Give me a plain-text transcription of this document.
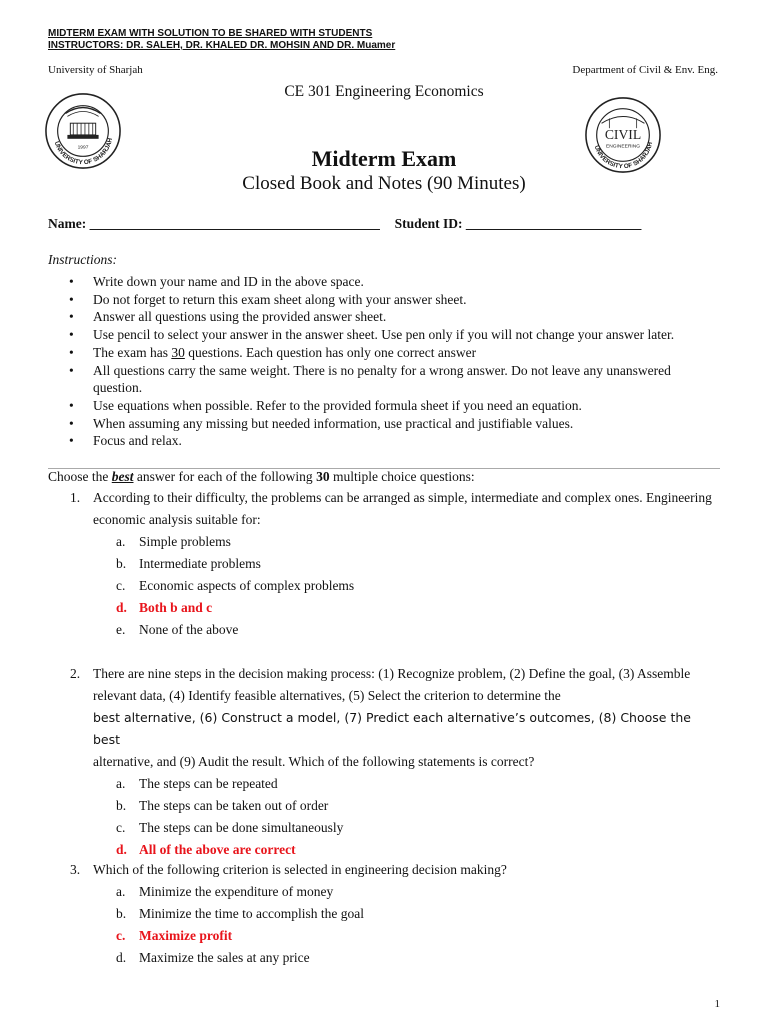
MIDTERM EXAM WITH SOLUTION TO BE SHARED WITH STUDENTS
INSTRUCTORS: DR. SALEH, DR. KHALED DR. MOHSIN AND DR. Muamer
University of Sharjah	Department of Civil & Env. Eng.
CE 301 Engineering Economics
UNIVERSITY OF SHARJAH
1997	UNIVERSITY OF SHARJAH
CIVIL
ENGINEERING
Midterm Exam
Closed Book and Notes (90 Minutes)
Name: ___________________________________________ Student ID: __________________________
Instructions:
• Write down your name and ID in the above space.
• Do not forget to return this exam sheet along with your answer sheet.
• Answer all questions using the provided answer sheet.
• Use pencil to select your answer in the answer sheet. Use pen only if you will not change your answer later.
• The exam has 30 questions. Each question has only one correct answer
• All questions carry the same weight. There is no penalty for a wrong answer. Do not leave any unanswered question.
• Use equations when possible. Refer to the provided formula sheet if you need an equation.
• When assuming any missing but needed information, use practical and justifiable values.
• Focus and relax.
Choose the best answer for each of the following 30 multiple choice questions:
1. According to their difficulty, the problems can be arranged as simple, intermediate and complex ones. Engineering economic analysis suitable for:
a. Simple problems
b. Intermediate problems
c. Economic aspects of complex problems
d. Both b and c
e. None of the above
2. There are nine steps in the decision making process: (1) Recognize problem, (2) Define the goal, (3) Assemble relevant data, (4) Identify feasible alternatives, (5) Select the criterion to determine the
best alternative, (6) Construct a model, (7) Predict each alternative’s outcomes, (8) Choose the best
alternative, and (9) Audit the result. Which of the following statements is correct?
a. The steps can be repeated
b. The steps can be taken out of order
c. The steps can be done simultaneously
d. All of the above are correct
3. Which of the following criterion is selected in engineering decision making?
a. Minimize the expenditure of money
b. Minimize the time to accomplish the goal
c. Maximize profit
d. Maximize the sales at any price
1
